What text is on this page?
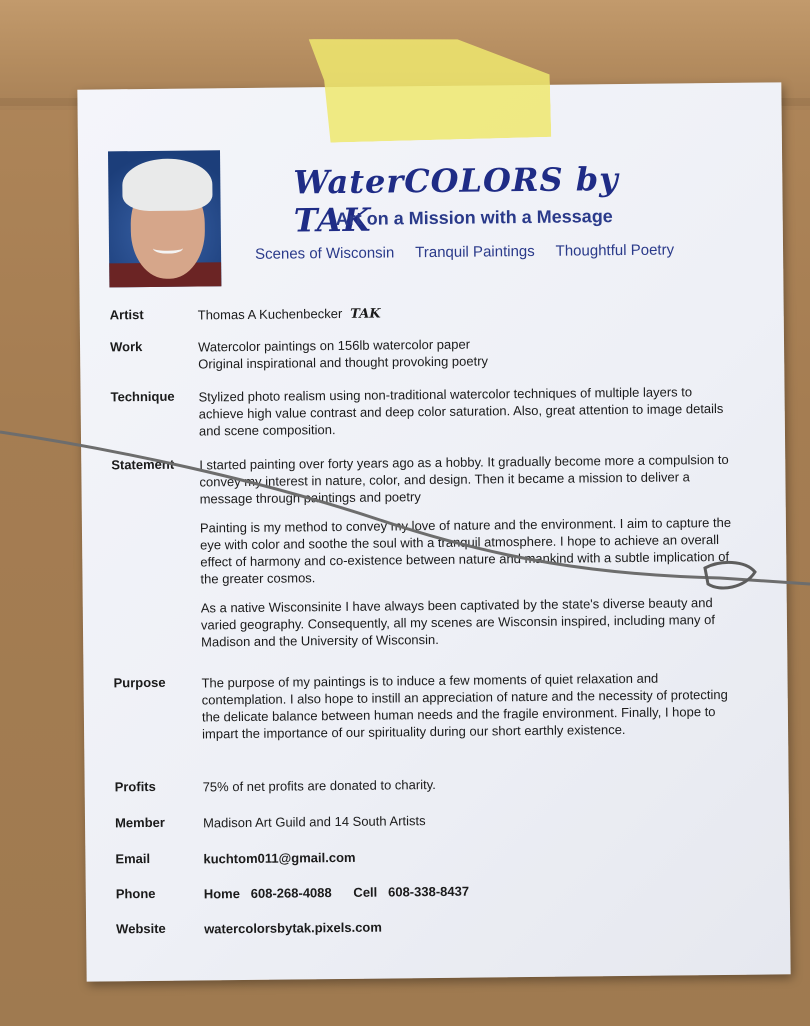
WaterCOLORS by TAK
Art on a Mission with a Message
Scenes of Wisconsin Tranquil Paintings Thoughtful Poetry
Artist	Thomas A Kuchenbecker TAK
Work	Watercolor paintings on 156lb watercolor paper
Original inspirational and thought provoking poetry
Technique Stylized photo realism using non-traditional watercolor techniques of multiple layers to achieve high value contrast and deep color saturation. Also, great attention to image details and scene composition.
Statement I started painting over forty years ago as a hobby. It gradually become more a compulsion to convey my interest in nature, color, and design. Then it became a mission to deliver a message through paintings and poetry

Painting is my method to convey my love of nature and the environment. I aim to capture the eye with color and soothe the soul with a tranquil atmosphere. I hope to achieve an overall effect of harmony and co-existence between nature and mankind with a subtle implication of the greater cosmos.

As a native Wisconsinite I have always been captivated by the state's diverse beauty and varied geography. Consequently, all my scenes are Wisconsin inspired, including many of Madison and the University of Wisconsin.

Purpose	The purpose of my paintings is to induce a few moments of quiet relaxation and contemplation. I also hope to instill an appreciation of nature and the necessity of protecting the delicate balance between human needs and the fragile environment. Finally, I hope to impart the importance of our spirituality during our short earthly existence.
Profits	75% of net profits are donated to charity.
Member	Madison Art Guild and 14 South Artists
Email	kuchtom011@gmail.com
Phone	Home 608-268-4088 Cell 608-338-8437
Website	watercolorsbytak.pixels.com
